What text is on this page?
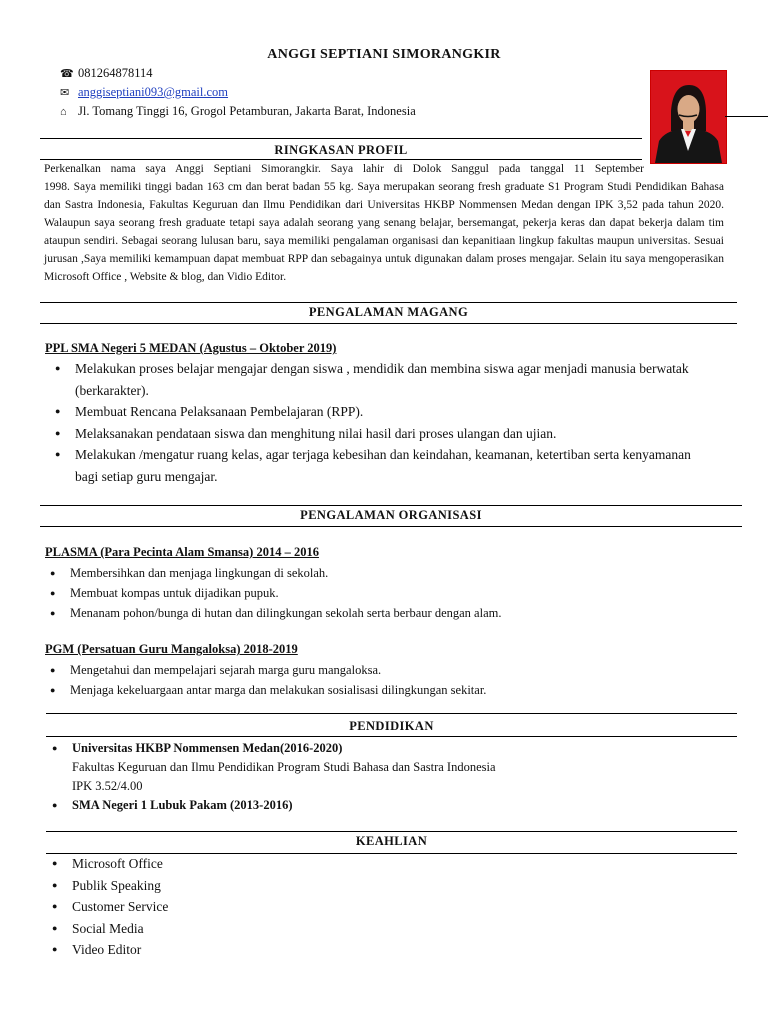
ANGGI SEPTIANI SIMORANGKIR
☎ 081264878114
✉ anggiseptiani093@gmail.com
⌂ Jl. Tomang Tinggi 16, Grogol Petamburan, Jakarta Barat, Indonesia
RINGKASAN PROFIL
Perkenalkan nama saya Anggi Septiani Simorangkir. Saya lahir di Dolok Sanggul pada tanggal 11 September
1998. Saya memiliki tinggi badan 163 cm dan berat badan 55 kg. Saya merupakan seorang fresh graduate S1 Program Studi Pendidikan Bahasa dan Sastra Indonesia, Fakultas Keguruan dan Ilmu Pendidikan dari Universitas HKBP Nommensen Medan dengan IPK 3,52 pada tahun 2020. Walaupun saya seorang fresh graduate tetapi saya adalah seorang yang senang belajar, bersemangat, pekerja keras dan dapat bekerja dalam tim ataupun sendiri. Sebagai seorang lulusan baru, saya memiliki pengalaman organisasi dan kepanitiaan lingkup fakultas maupun universitas. Sesuai jurusan ,Saya memiliki kemampuan dapat membuat RPP dan sebagainya untuk digunakan dalam proses mengajar. Selain itu saya mengoperasikan Microsoft Office , Website & blog, dan Vidio Editor.
PENGALAMAN MAGANG
PPL SMA Negeri 5 MEDAN (Agustus – Oktober 2019)
● Melakukan proses belajar mengajar dengan siswa , mendidik dan membina siswa agar menjadi manusia berwatak (berkarakter).
● Membuat Rencana Pelaksanaan Pembelajaran (RPP).
● Melaksanakan pendataan siswa dan menghitung nilai hasil dari proses ulangan dan ujian.
● Melakukan /mengatur ruang kelas, agar terjaga kebesihan dan keindahan, keamanan, ketertiban serta kenyamanan bagi setiap guru mengajar.
PENGALAMAN ORGANISASI
PLASMA (Para Pecinta Alam Smansa) 2014 – 2016
● Membersihkan dan menjaga lingkungan di sekolah.
● Membuat kompas untuk dijadikan pupuk.
● Menanam pohon/bunga di hutan dan dilingkungan sekolah serta berbaur dengan alam.
PGM (Persatuan Guru Mangaloksa) 2018-2019
● Mengetahui dan mempelajari sejarah marga guru mangaloksa.
● Menjaga kekeluargaan antar marga dan melakukan sosialisasi dilingkungan sekitar.
PENDIDIKAN
● Universitas HKBP Nommensen Medan(2016-2020)
Fakultas Keguruan dan Ilmu Pendidikan Program Studi Bahasa dan Sastra Indonesia
IPK 3.52/4.00
● SMA Negeri 1 Lubuk Pakam (2013-2016)
KEAHLIAN
● Microsoft Office
● Publik Speaking
● Customer Service
● Social Media
● Video Editor
